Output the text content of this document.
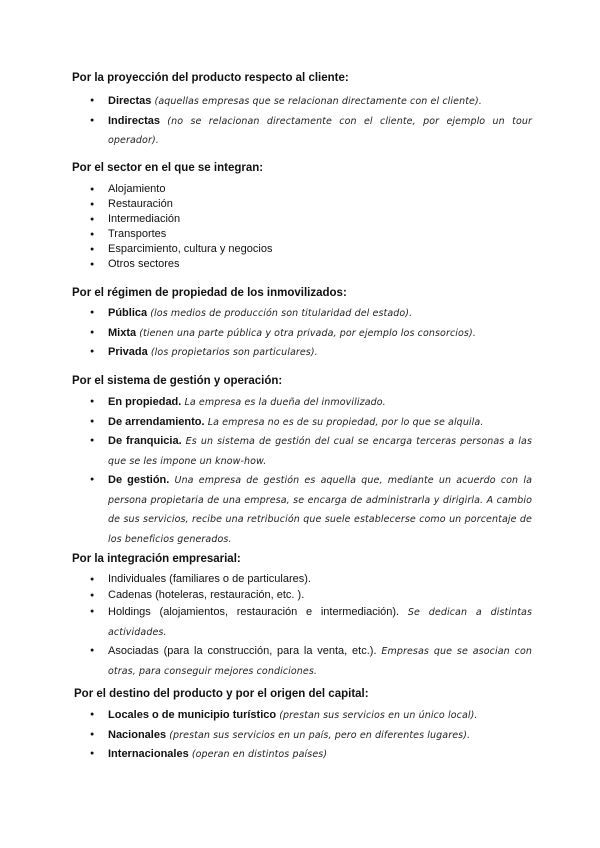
Por la proyección del producto respecto al cliente:
● Directas (aquellas empresas que se relacionan directamente con el cliente).
● Indirectas (no se relacionan directamente con el cliente, por ejemplo un tour operador).
Por el sector en el que se integran:
● Alojamiento
● Restauración
● Intermediación
● Transportes
● Esparcimiento, cultura y negocios
● Otros sectores
Por el régimen de propiedad de los inmovilizados:
● Pública (los medios de producción son titularidad del estado).
● Mixta (tienen una parte pública y otra privada, por ejemplo los consorcios).
● Privada (los propietarios son particulares).
Por el sistema de gestión y operación:
● En propiedad. La empresa es la dueña del inmovilizado.
● De arrendamiento. La empresa no es de su propiedad, por lo que se alquila.
● De franquicia. Es un sistema de gestión del cual se encarga terceras personas a las que se les impone un know-how.
● De gestión. Una empresa de gestión es aquella que, mediante un acuerdo con la persona propietaria de una empresa, se encarga de administrarla y dirigirla. A cambio de sus servicios, recibe una retribución que suele establecerse como un porcentaje de los beneficios generados.
Por la integración empresarial:
● Individuales (familiares o de particulares).
● Cadenas (hoteleras, restauración, etc. ).
● Holdings (alojamientos, restauración e intermediación). Se dedican a distintas actividades.
● Asociadas (para la construcción, para la venta, etc.). Empresas que se asocian con otras, para conseguir mejores condiciones.
Por el destino del producto y por el origen del capital:
● Locales o de municipio turístico (prestan sus servicios en un único local).
● Nacionales (prestan sus servicios en un país, pero en diferentes lugares).
● Internacionales (operan en distintos países)
